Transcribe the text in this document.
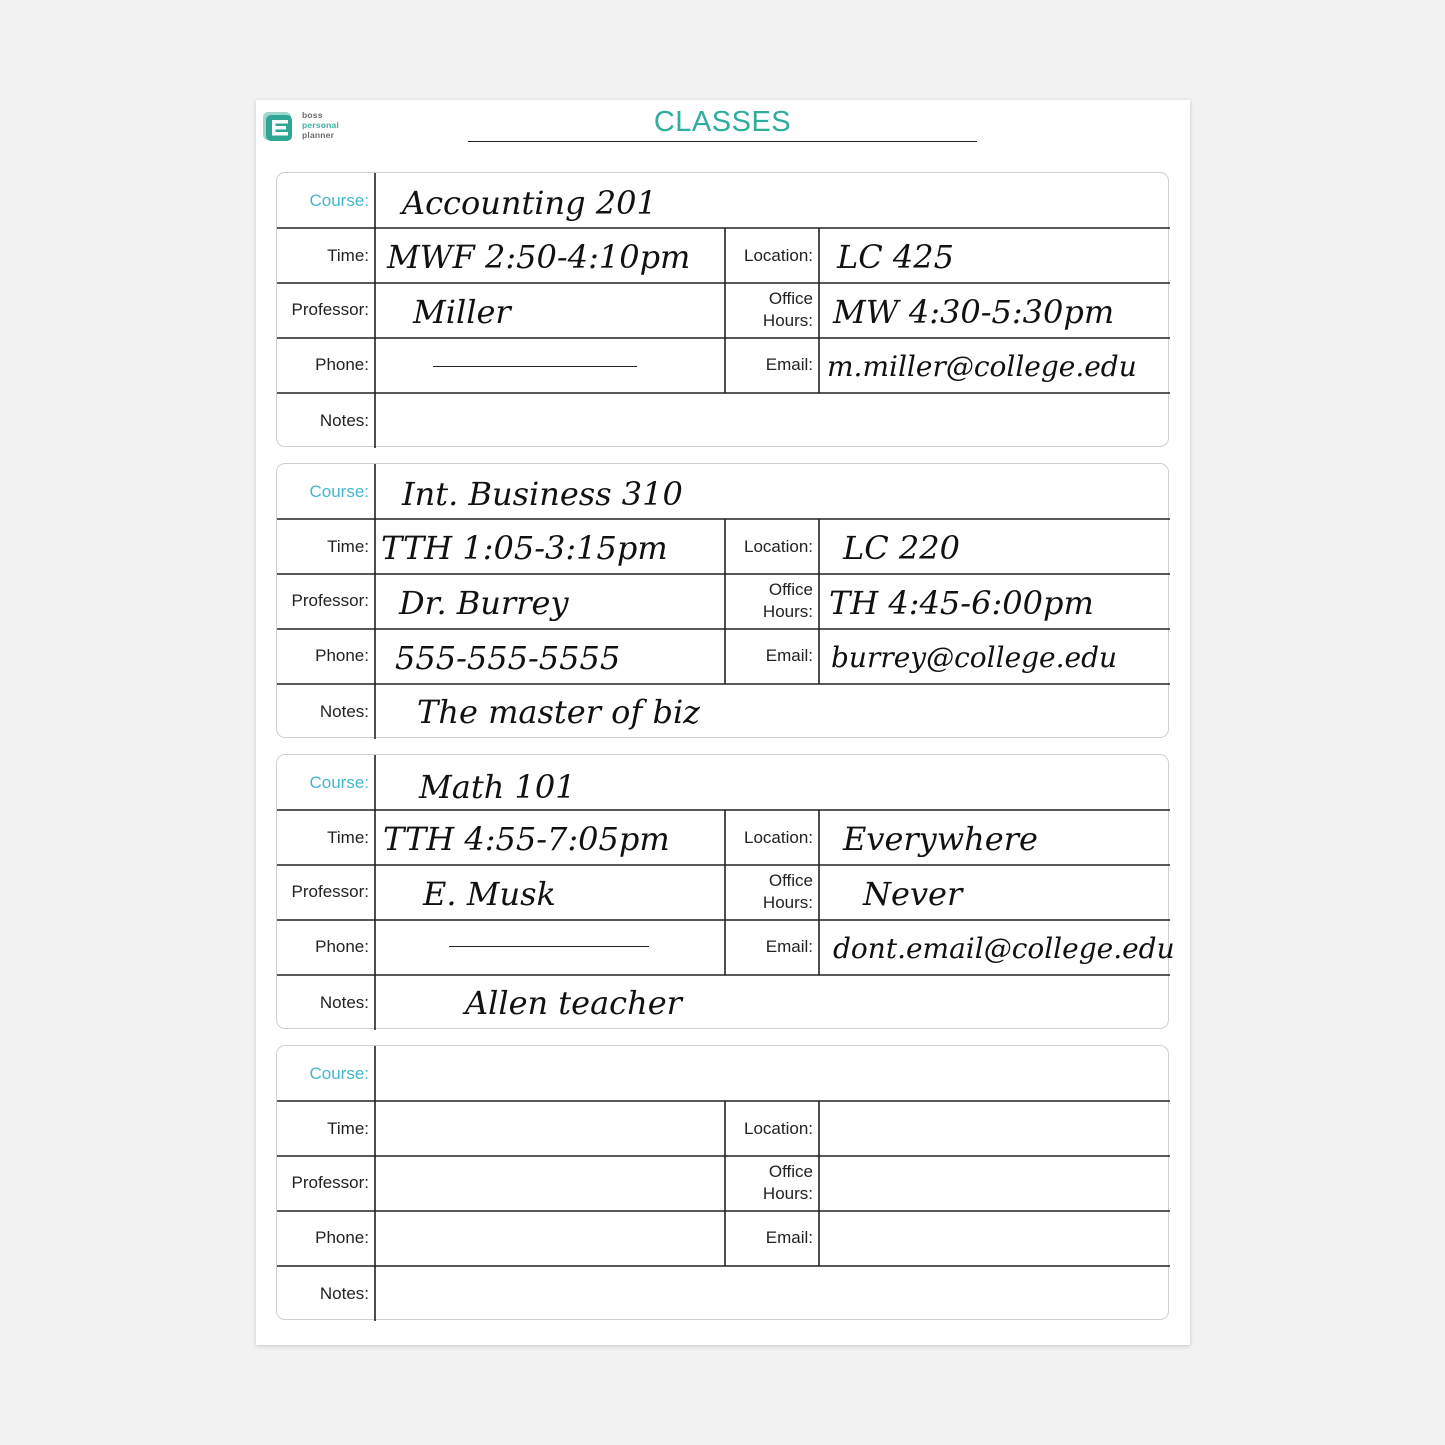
boss
personal
planner	CLASSES
Course:
Time:
Professor:
Phone:
Notes:
Location:
Office
Hours:
Email:
Accounting 201
MWF 2:50-4:10pm
Miller
LC 425
MW 4:30-5:30pm
m.miller@college.edu
Course:
Time:
Professor:
Phone:
Notes:
Location:
Office
Hours:
Email:
Int. Business 310
TTH 1:05-3:15pm
Dr. Burrey
LC 220
TH 4:45-6:00pm
555-555-5555	burrey@college.edu
The master of biz
Course:
Time:
Professor:
Phone:
Notes:
Location:
Office
Hours:
Email:
Math 101
TTH 4:55-7:05pm
E. Musk
Everywhere
Never
dont.email@college.edu
Allen teacher
Course:
Time:
Professor:
Phone:
Notes:
Location:
Office
Hours:
Email:
